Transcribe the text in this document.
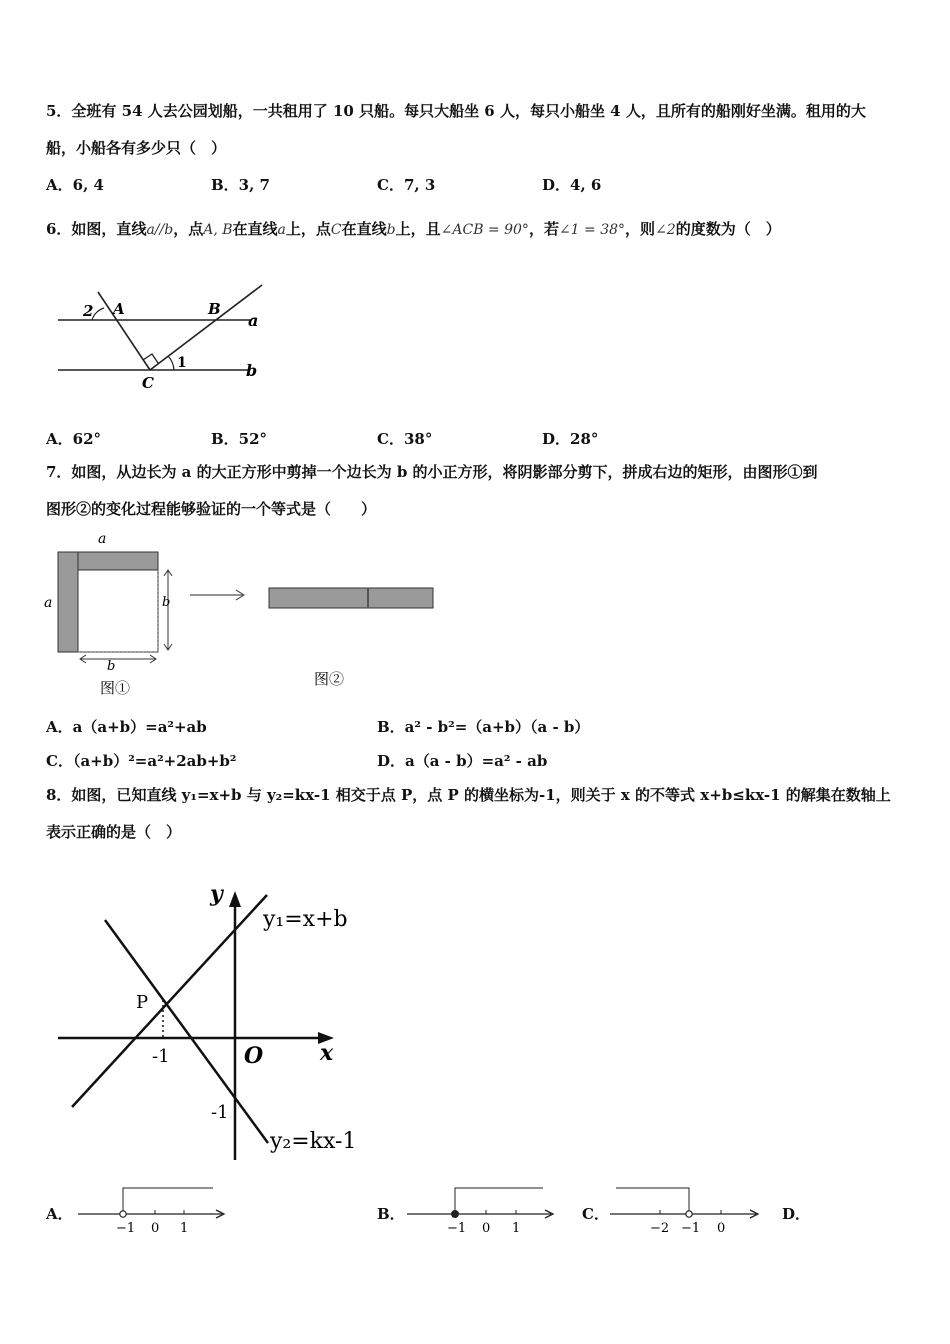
5．全班有 54 人去公园划船，一共租用了 10 只船。每只大船坐 6 人，每只小船坐 4 人，且所有的船刚好坐满。租用的大
船，小船各有多少只（　）
A．6, 4	B．3, 7	C．7, 3	D．4, 6
6．如图，直线a//b，点A, B在直线a上，点C在直线b上，且∠ACB = 90°，若∠1 = 38°，则∠2的度数为（　）
2 A	B
a
1	b
C
A．62°	B．52°	C．38°	D．28°
7．如图，从边长为 a 的大正方形中剪掉一个边长为 b 的小正方形，将阴影部分剪下，拼成右边的矩形，由图形①到
图形②的变化过程能够验证的一个等式是（　　）
a
a	b
b
图①	图②
A．a（a+b）=a²+ab	B．a² - b²=（a+b）（a - b）
C．（a+b）²=a²+2ab+b²	D．a（a - b）=a² - ab
8．如图，已知直线 y₁=x+b 与 y₂=kx-1 相交于点 P，点 P 的横坐标为-1，则关于 x 的不等式 x+b≤kx-1 的解集在数轴上
表示正确的是（　）
y
x
O
P
-1
-1
y₁=x+b
y₂=kx-1
A．
−1 0 1
B．
−1 0 1
C．
−2 −1 0
D．
